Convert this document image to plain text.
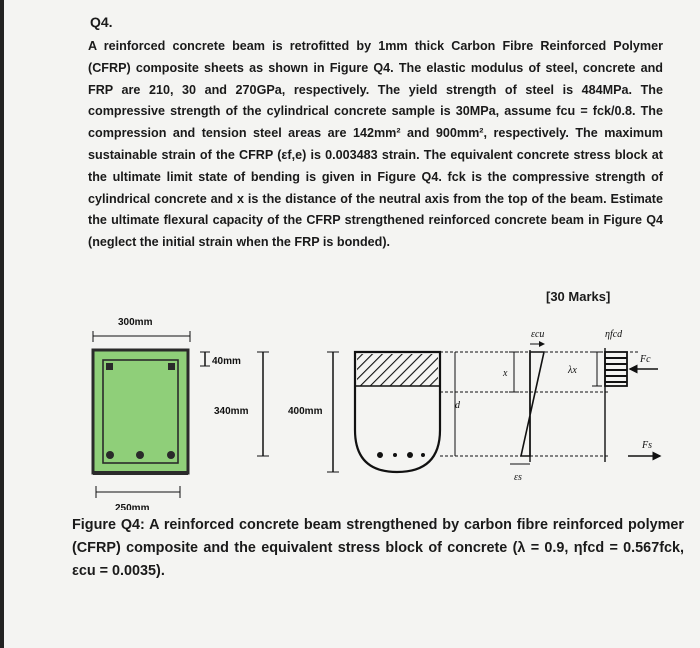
Q4.
A reinforced concrete beam is retrofitted by 1mm thick Carbon Fibre Reinforced Polymer (CFRP) composite sheets as shown in Figure Q4. The elastic modulus of steel, concrete and FRP are 210, 30 and 270GPa, respectively. The yield strength of steel is 484MPa. The compressive strength of the cylindrical concrete sample is 30MPa, assume fcu = fck/0.8. The compression and tension steel areas are 142mm² and 900mm², respectively. The maximum sustainable strain of the CFRP (εf,e) is 0.003483 strain. The equivalent concrete stress block at the ultimate limit state of bending is given in Figure Q4. fck is the compressive strength of cylindrical concrete and x is the distance of the neutral axis from the top of the beam. Estimate the ultimate flexural capacity of the CFRP strengthened reinforced concrete beam in Figure Q4 (neglect the initial strain when the FRP is bonded).
[30 Marks]
300mm
40mm
340mm	400mm
d
x
εcu
εs
λx
ηfcd
Fc
Fs
250mm
Figure Q4: A reinforced concrete beam strengthened by carbon fibre reinforced polymer (CFRP) composite and the equivalent stress block of concrete (λ = 0.9, ηfcd = 0.567fck, εcu = 0.0035).
